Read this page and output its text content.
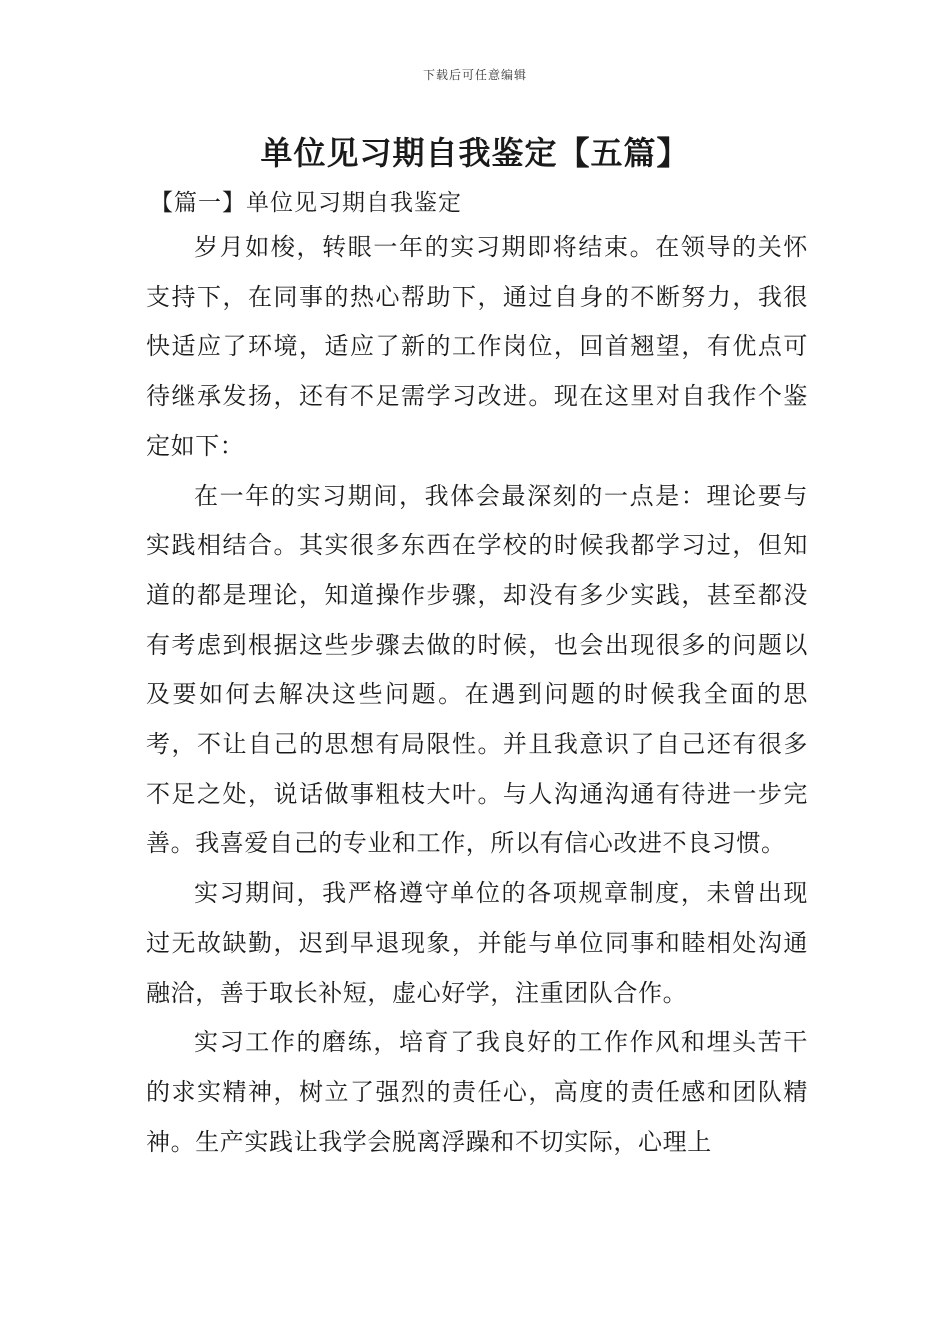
下载后可任意编辑
单位见习期自我鉴定【五篇】
【篇一】单位见习期自我鉴定

岁月如梭，转眼一年的实习期即将结束。在领导的关怀支持下，在同事的热心帮助下，通过自身的不断努力，我很快适应了环境，适应了新的工作岗位，回首翘望，有优点可待继承发扬，还有不足需学习改进。现在这里对自我作个鉴定如下：

在一年的实习期间，我体会最深刻的一点是：理论要与实践相结合。其实很多东西在学校的时候我都学习过，但知道的都是理论，知道操作步骤，却没有多少实践，甚至都没有考虑到根据这些步骤去做的时候，也会出现很多的问题以及要如何去解决这些问题。在遇到问题的时候我全面的思考，不让自己的思想有局限性。并且我意识了自己还有很多不足之处，说话做事粗枝大叶。与人沟通沟通有待进一步完善。我喜爱自己的专业和工作，所以有信心改进不良习惯。

实习期间，我严格遵守单位的各项规章制度，未曾出现过无故缺勤，迟到早退现象，并能与单位同事和睦相处沟通融洽，善于取长补短，虚心好学，注重团队合作。

实习工作的磨练，培育了我良好的工作作风和埋头苦干的求实精神，树立了强烈的责任心，高度的责任感和团队精神。生产实践让我学会脱离浮躁和不切实际，心理上
